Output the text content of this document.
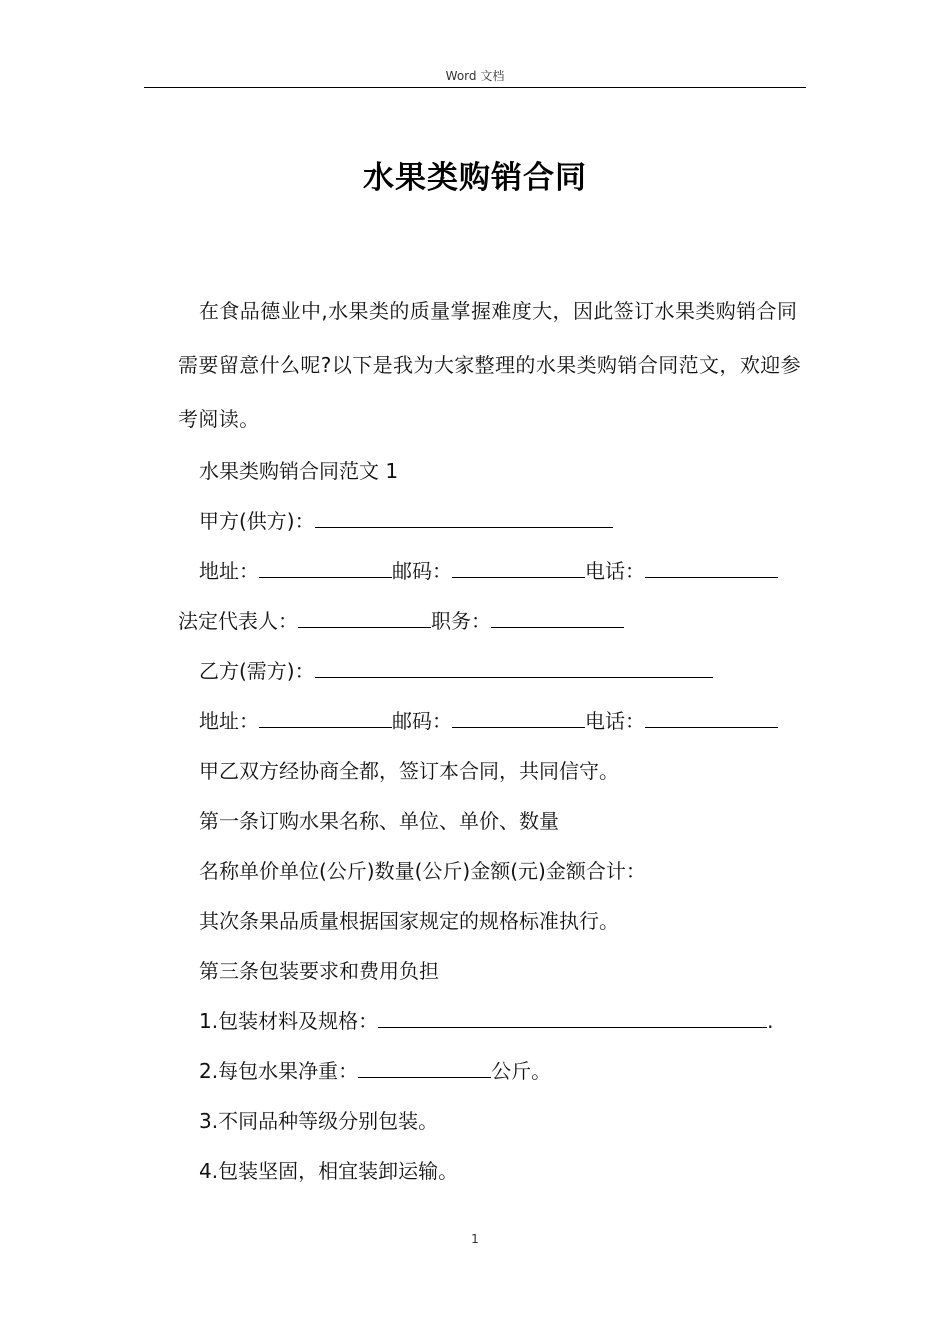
Word 文档
水果类购销合同

在食品德业中,水果类的质量掌握难度大，因此签订水果类购销合同需要留意什么呢?以下是我为大家整理的水果类购销合同范文，欢迎参考阅读。

水果类购销合同范文 1

甲方(供方)：

地址：	邮码：	电话：

法定代表人：	职务：

乙方(需方)：

地址：	邮码：	电话：

甲乙双方经协商全都，签订本合同，共同信守。

第一条订购水果名称、单位、单价、数量

名称单价单位(公斤)数量(公斤)金额(元)金额合计：

其次条果品质量根据国家规定的规格标准执行。

第三条包装要求和费用负担

1.包装材料及规格：	.

2.每包水果净重：	公斤。

3.不同品种等级分别包装。

4.包装坚固，相宜装卸运输。

1
